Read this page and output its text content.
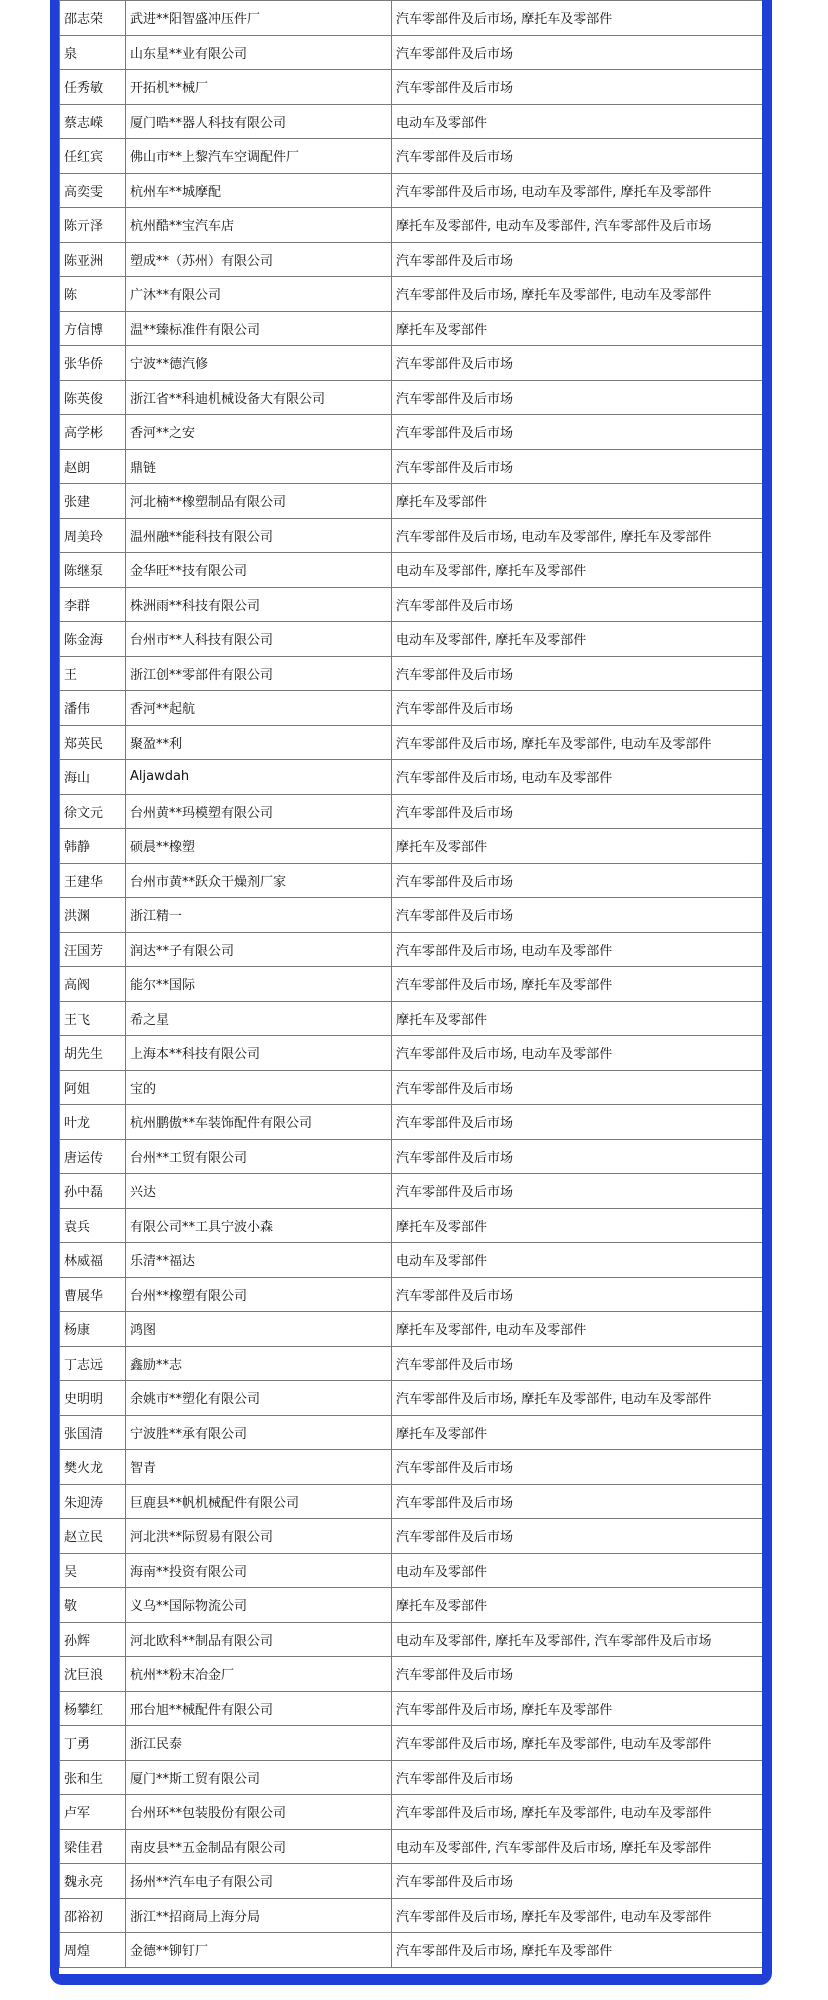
邵志荣	武进**阳智盛冲压件厂	汽车零部件及后市场, 摩托车及零部件
泉	山东星**业有限公司	汽车零部件及后市场
任秀敏	开拓机**械厂	汽车零部件及后市场
蔡志嵘	厦门晧**器人科技有限公司	电动车及零部件
任红宾	佛山市**上黎汽车空调配件厂	汽车零部件及后市场
高奕雯	杭州车**城摩配	汽车零部件及后市场, 电动车及零部件, 摩托车及零部件
陈亓泽	杭州酷**宝汽车店	摩托车及零部件, 电动车及零部件, 汽车零部件及后市场
陈亚洲	塑成**（苏州）有限公司	汽车零部件及后市场
陈	广沐**有限公司	汽车零部件及后市场, 摩托车及零部件, 电动车及零部件
方信博	温**臻标准件有限公司	摩托车及零部件
张华侨	宁波**德汽修	汽车零部件及后市场
陈英俊	浙江省**科迪机械设备大有限公司	汽车零部件及后市场
高学彬	香河**之安	汽车零部件及后市场
赵朗	鼎链	汽车零部件及后市场
张建	河北楠**橡塑制品有限公司	摩托车及零部件
周美玲	温州融**能科技有限公司	汽车零部件及后市场, 电动车及零部件, 摩托车及零部件
陈继泵	金华旺**技有限公司	电动车及零部件, 摩托车及零部件
李群	株洲雨**科技有限公司	汽车零部件及后市场
陈金海	台州市**人科技有限公司	电动车及零部件, 摩托车及零部件
王	浙江创**零部件有限公司	汽车零部件及后市场
潘伟	香河**起航	汽车零部件及后市场
郑英民	聚盈**利	汽车零部件及后市场, 摩托车及零部件, 电动车及零部件
海山	Aljawdah	汽车零部件及后市场, 电动车及零部件
徐文元	台州黄**玛模塑有限公司	汽车零部件及后市场
韩静	硕晨**橡塑	摩托车及零部件
王建华	台州市黄**跃众干燥剂厂家	汽车零部件及后市场
洪渊	浙江精一	汽车零部件及后市场
汪国芳	润达**子有限公司	汽车零部件及后市场, 电动车及零部件
高阀	能尔**国际	汽车零部件及后市场, 摩托车及零部件
王飞	希之星	摩托车及零部件
胡先生	上海本**科技有限公司	汽车零部件及后市场, 电动车及零部件
阿姐	宝的	汽车零部件及后市场
叶龙	杭州鹏傲**车装饰配件有限公司	汽车零部件及后市场
唐运传	台州**工贸有限公司	汽车零部件及后市场
孙中磊	兴达	汽车零部件及后市场
袁兵	有限公司**工具宁波小森	摩托车及零部件
林威福	乐清**福达	电动车及零部件
曹展华	台州**橡塑有限公司	汽车零部件及后市场
杨康	鸿图	摩托车及零部件, 电动车及零部件
丁志远	鑫励**志	汽车零部件及后市场
史明明	余姚市**塑化有限公司	汽车零部件及后市场, 摩托车及零部件, 电动车及零部件
张国清	宁波胜**承有限公司	摩托车及零部件
樊火龙	智青	汽车零部件及后市场
朱迎涛	巨鹿县**帆机械配件有限公司	汽车零部件及后市场
赵立民	河北洪**际贸易有限公司	汽车零部件及后市场
吴	海南**投资有限公司	电动车及零部件
敬	义乌**国际物流公司	摩托车及零部件
孙辉	河北欧科**制品有限公司	电动车及零部件, 摩托车及零部件, 汽车零部件及后市场
沈巨浪	杭州**粉末冶金厂	汽车零部件及后市场
杨攀红	邢台旭**械配件有限公司	汽车零部件及后市场, 摩托车及零部件
丁勇	浙江民泰	汽车零部件及后市场, 摩托车及零部件, 电动车及零部件
张和生	厦门**斯工贸有限公司	汽车零部件及后市场
卢军	台州环**包装股份有限公司	汽车零部件及后市场, 摩托车及零部件, 电动车及零部件
梁佳君	南皮县**五金制品有限公司	电动车及零部件, 汽车零部件及后市场, 摩托车及零部件
魏永亮	扬州**汽车电子有限公司	汽车零部件及后市场
邵裕初	浙江**招商局上海分局	汽车零部件及后市场, 摩托车及零部件, 电动车及零部件
周煌	金德**铆钉厂	汽车零部件及后市场, 摩托车及零部件
